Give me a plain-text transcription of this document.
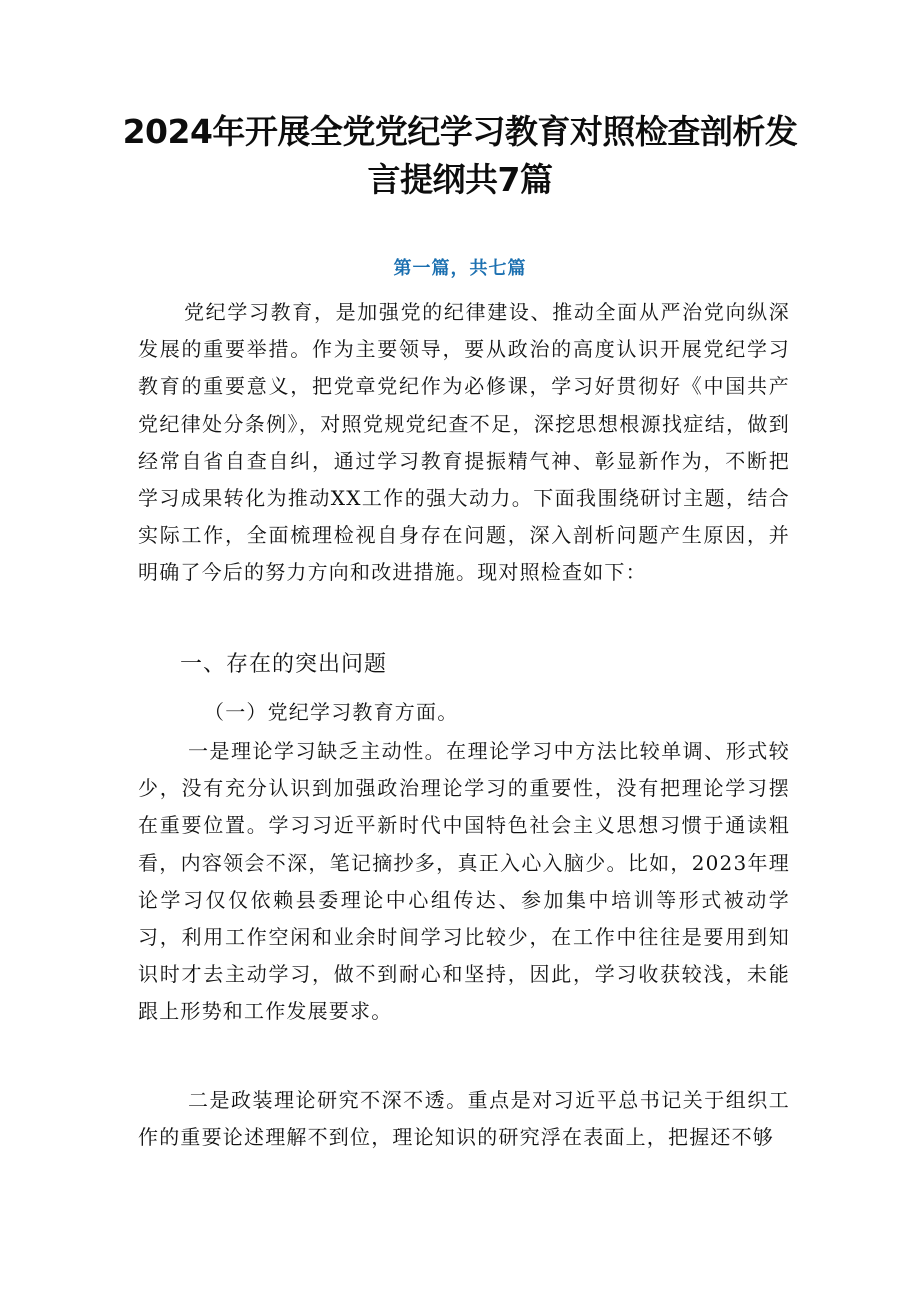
2024年开展全党党纪学习教育对照检查剖析发言提纲共7篇
第一篇，共七篇

党纪学习教育，是加强党的纪律建设、推动全面从严治党向纵深发展的重要举措。作为主要领导，要从政治的高度认识开展党纪学习教育的重要意义，把党章党纪作为必修课，学习好贯彻好《中国共产党纪律处分条例》，对照党规党纪查不足，深挖思想根源找症结，做到经常自省自查自纠，通过学习教育提振精气神、彰显新作为，不断把学习成果转化为推动XX工作的强大动力。下面我围绕研讨主题，结合实际工作，全面梳理检视自身存在问题，深入剖析问题产生原因，并明确了今后的努力方向和改进措施。现对照检查如下：

一、存在的突出问题
（一）党纪学习教育方面。

一是理论学习缺乏主动性。在理论学习中方法比较单调、形式较少，没有充分认识到加强政治理论学习的重要性，没有把理论学习摆在重要位置。学习习近平新时代中国特色社会主义思想习惯于通读粗看，内容领会不深，笔记摘抄多，真正入心入脑少。比如，2023年理论学习仅仅依赖县委理论中心组传达、参加集中培训等形式被动学习，利用工作空闲和业余时间学习比较少，在工作中往往是要用到知识时才去主动学习，做不到耐心和坚持，因此，学习收获较浅，未能跟上形势和工作发展要求。

二是政装理论研究不深不透。重点是对习近平总书记关于组织工作的重要论述理解不到位，理论知识的研究浮在表面上，把握还不够
